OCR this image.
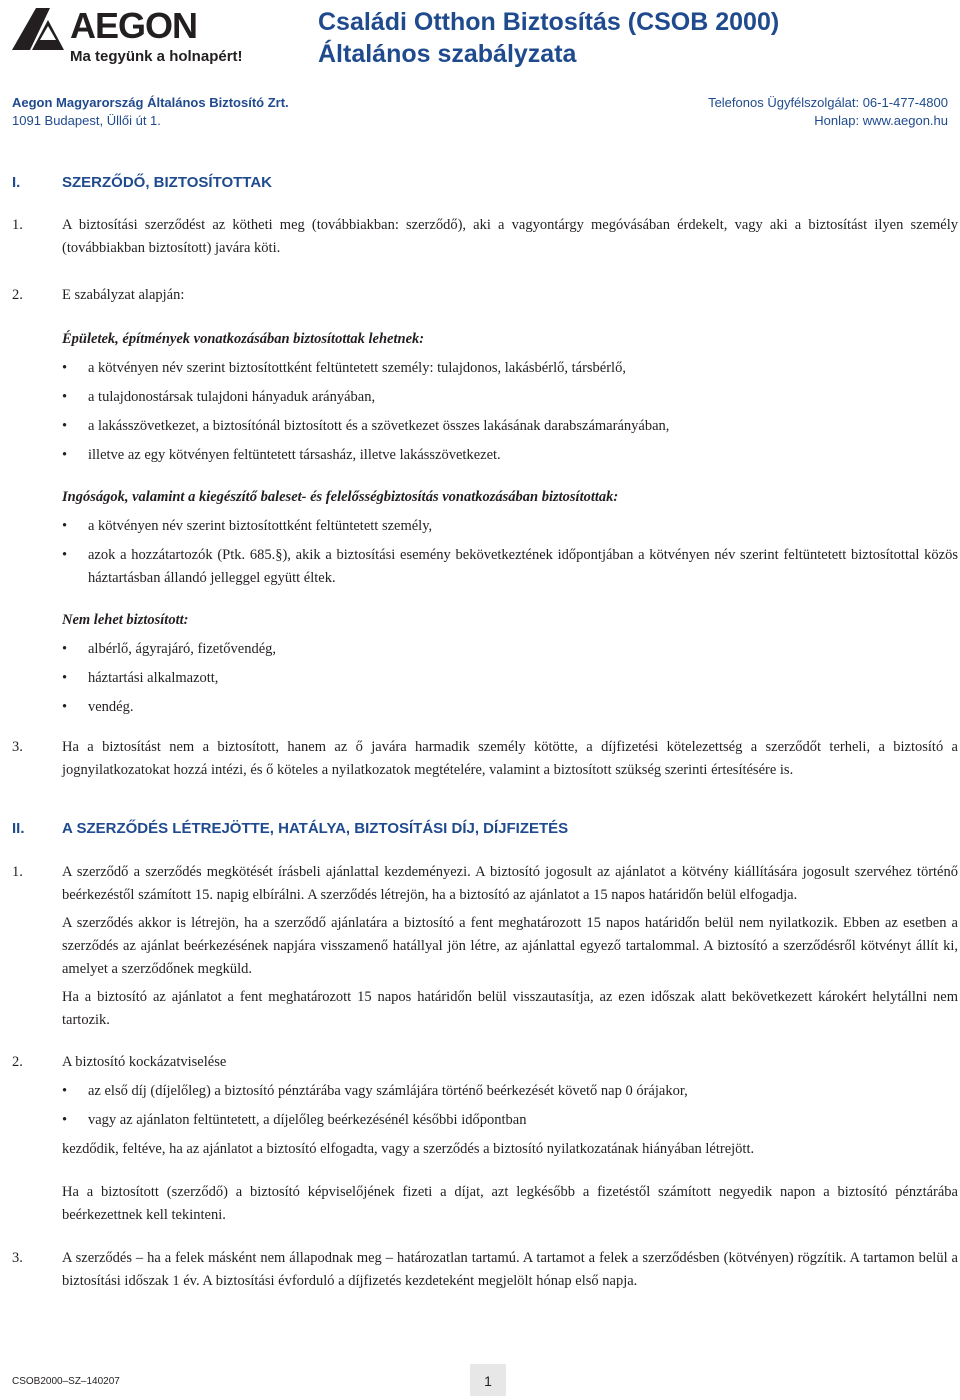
AEGON
Ma tegyünk a holnapért!
Családi Otthon Biztosítás (CSOB 2000)
Általános szabályzata
Aegon Magyarország Általános Biztosító Zrt.
1091 Budapest, Üllői út 1.
Telefonos Ügyfélszolgálat: 06-1-477-4800
Honlap: www.aegon.hu
I.	SZERZŐDŐ, BIZTOSÍTOTTAK
1.	A biztosítási szerződést az kötheti meg (továbbiakban: szerződő), aki a vagyontárgy megóvásában érdekelt, vagy aki a biztosítást ilyen személy (továbbiakban biztosított) javára köti.

2.	E szabályzat alapján:

Épületek, építmények vonatkozásában biztosítottak lehetnek:

• a kötvényen név szerint biztosítottként feltüntetett személy: tulajdonos, lakásbérlő, társbérlő,
• a tulajdonostársak tulajdoni hányaduk arányában,
• a lakásszövetkezet, a biztosítónál biztosított és a szövetkezet összes lakásának darabszámarányában,
• illetve az egy kötvényen feltüntetett társasház, illetve lakásszövetkezet.

Ingóságok, valamint a kiegészítő baleset- és felelősségbiztosítás vonatkozásában biztosítottak:

• a kötvényen név szerint biztosítottként feltüntetett személy,
• azok a hozzátartozók (Ptk. 685.§), akik a biztosítási esemény bekövetkeztének időpontjában a kötvényen név szerint feltüntetett biztosítottal közös háztartásban állandó jelleggel együtt éltek.

Nem lehet biztosított:

• albérlő, ágyrajáró, fizetővendég,
• háztartási alkalmazott,
• vendég.
3.	Ha a biztosítást nem a biztosított, hanem az ő javára harmadik személy kötötte, a díjfizetési kötelezettség a szerződőt terheli, a biztosító a jognyilatkozatokat hozzá intézi, és ő köteles a nyilatkozatok megtételére, valamint a biztosított szükség szerinti értesítésére is.

II. A SZERZŐDÉS LÉTREJÖTTE, HATÁLYA, BIZTOSÍTÁSI DÍJ, DÍJFIZETÉS
1.	A szerződő a szerződés megkötését írásbeli ajánlattal kezdeményezi. A biztosító jogosult az ajánlatot a kötvény kiállítására jogosult szervéhez történő beérkezéstől számított 15. napig elbírálni. A szerződés létrejön, ha a biztosító az ajánlatot a 15 napos határidőn belül elfogadja.

A szerződés akkor is létrejön, ha a szerződő ajánlatára a biztosító a fent meghatározott 15 napos határidőn belül nem nyilatkozik. Ebben az esetben a szerződés az ajánlat beérkezésének napjára visszamenő hatállyal jön létre, az ajánlattal egyező tartalommal. A biztosító a szerződésről kötvényt állít ki, amelyet a szerződőnek megküld.

Ha a biztosító az ajánlatot a fent meghatározott 15 napos határidőn belül visszautasítja, az ezen időszak alatt bekövetkezett károkért helytállni nem tartozik.

2.	A biztosító kockázatviselése

• az első díj (díjelőleg) a biztosító pénztárába vagy számlájára történő beérkezését követő nap 0 órájakor,
• vagy az ajánlaton feltüntetett, a díjelőleg beérkezésénél későbbi időpontban

kezdődik, feltéve, ha az ajánlatot a biztosító elfogadta, vagy a szerződés a biztosító nyilatkozatának hiányában létrejött.

Ha a biztosított (szerződő) a biztosító képviselőjének fizeti a díjat, azt legkésőbb a fizetéstől számított negyedik napon a biztosító pénztárába beérkezettnek kell tekinteni.

3.	A szerződés – ha a felek másként nem állapodnak meg – határozatlan tartamú. A tartamot a felek a szerződésben (kötvényen) rögzítik. A tartamon belül a biztosítási időszak 1 év. A biztosítási évforduló a díjfizetés kezdeteként megjelölt hónap első napja.

CSOB2000–SZ–140207	1
